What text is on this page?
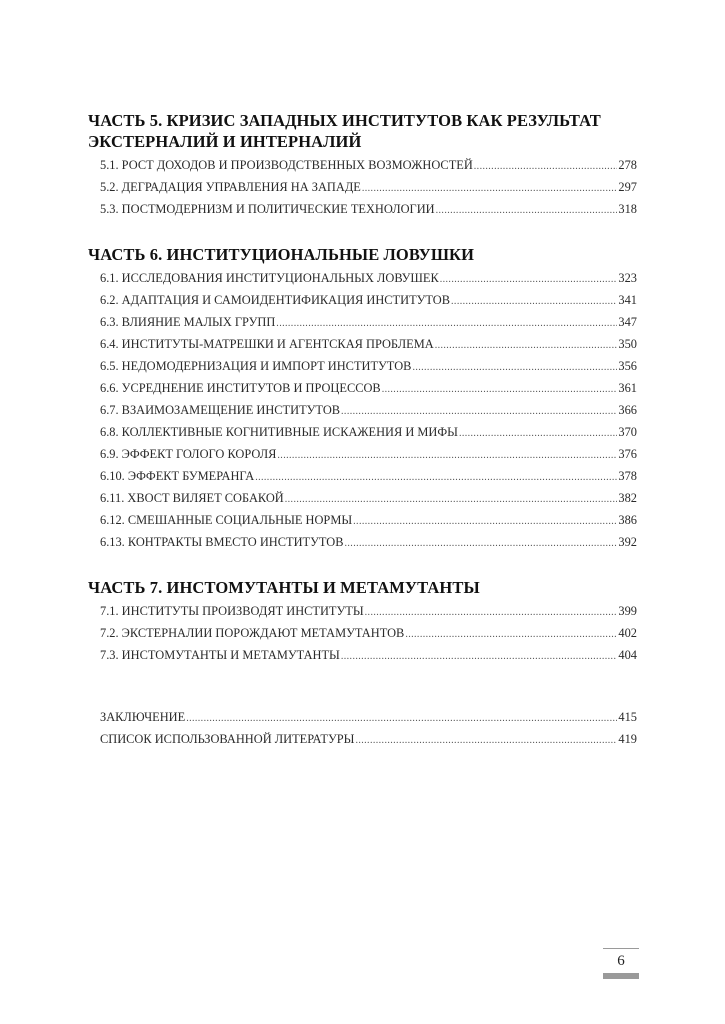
ЧАСТЬ 5. КРИЗИС ЗАПАДНЫХ ИНСТИТУТОВ КАК РЕЗУЛЬТАТ ЭКСТЕРНАЛИЙ И ИНТЕРНАЛИЙ
5.1. РОСТ ДОХОДОВ И ПРОИЗВОДСТВЕННЫХ ВОЗМОЖНОСТЕЙ .....	278
5.2. ДЕГРАДАЦИЯ УПРАВЛЕНИЯ НА ЗАПАДЕ .....	297
5.3. ПОСТМОДЕРНИЗМ И ПОЛИТИЧЕСКИЕ ТЕХНОЛОГИИ .....	318
ЧАСТЬ 6. ИНСТИТУЦИОНАЛЬНЫЕ ЛОВУШКИ
6.1. ИССЛЕДОВАНИЯ ИНСТИТУЦИОНАЛЬНЫХ ЛОВУШЕК .....	323
6.2. АДАПТАЦИЯ И САМОИДЕНТИФИКАЦИЯ ИНСТИТУТОВ .....	341
6.3. ВЛИЯНИЕ МАЛЫХ ГРУПП .....	347
6.4. ИНСТИТУТЫ-МАТРЕШКИ И АГЕНТСКАЯ ПРОБЛЕМА .....	350
6.5. НЕДОМОДЕРНИЗАЦИЯ И ИМПОРТ ИНСТИТУТОВ .....	356
6.6. УСРЕДНЕНИЕ ИНСТИТУТОВ И ПРОЦЕССОВ .....	361
6.7. ВЗАИМОЗАМЕЩЕНИЕ ИНСТИТУТОВ .....	366
6.8. КОЛЛЕКТИВНЫЕ КОГНИТИВНЫЕ ИСКАЖЕНИЯ И МИФЫ .....	370
6.9. ЭФФЕКТ ГОЛОГО КОРОЛЯ .....	376
6.10. ЭФФЕКТ БУМЕРАНГА .....	378
6.11. ХВОСТ ВИЛЯЕТ СОБАКОЙ .....	382
6.12. СМЕШАННЫЕ СОЦИАЛЬНЫЕ НОРМЫ .....	386
6.13. КОНТРАКТЫ ВМЕСТО ИНСТИТУТОВ .....	392
ЧАСТЬ 7. ИНСТОМУТАНТЫ И МЕТАМУТАНТЫ
7.1. ИНСТИТУТЫ ПРОИЗВОДЯТ ИНСТИТУТЫ .....	399
7.2. ЭКСТЕРНАЛИИ ПОРОЖДАЮТ МЕТАМУТАНТОВ .....	402
7.3. ИНСТОМУТАНТЫ И МЕТАМУТАНТЫ .....	404
ЗАКЛЮЧЕНИЕ .....	415
СПИСОК ИСПОЛЬЗОВАННОЙ ЛИТЕРАТУРЫ .....	419
6
